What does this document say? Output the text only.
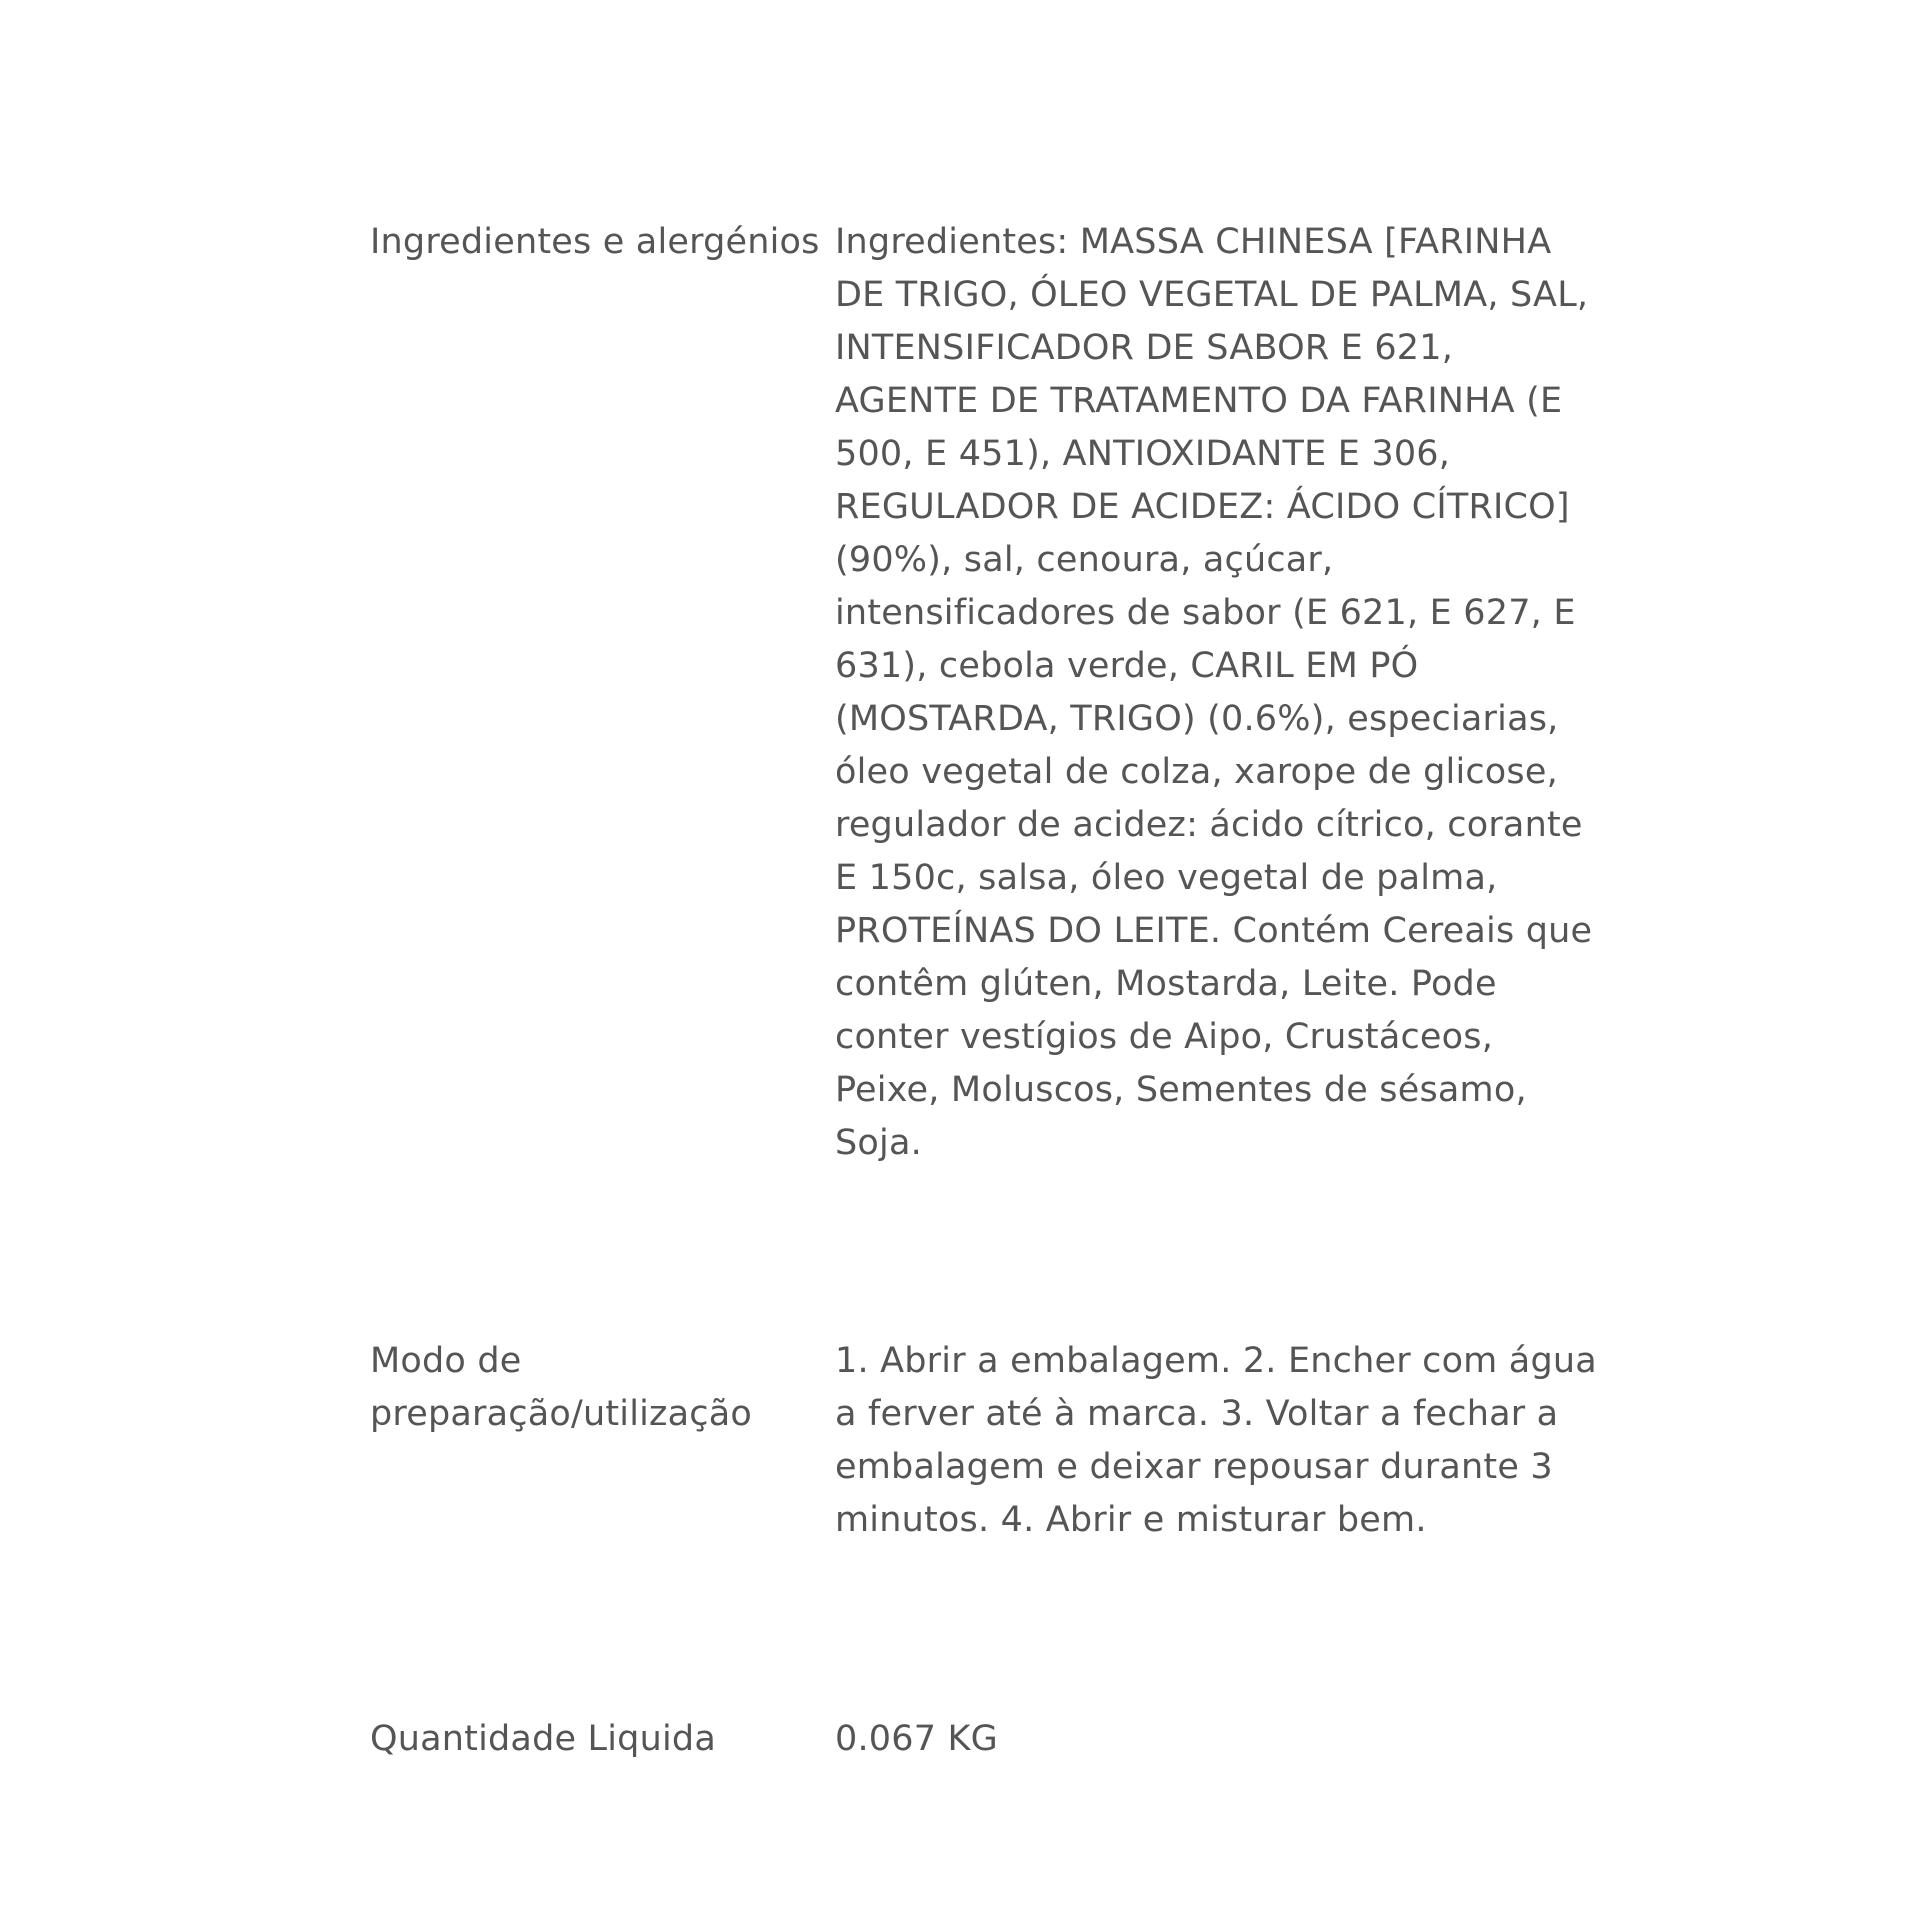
Ingredientes e alergénios Ingredientes: MASSA CHINESA [FARINHA DE TRIGO, ÓLEO VEGETAL DE PALMA, SAL, INTENSIFICADOR DE SABOR E 621, AGENTE DE TRATAMENTO DA FARINHA (E 500, E 451), ANTIOXIDANTE E 306, REGULADOR DE ACIDEZ: ÁCIDO CÍTRICO] (90%), sal, cenoura, açúcar, intensificadores de sabor (E 621, E 627, E 631), cebola verde, CARIL EM PÓ (MOSTARDA, TRIGO) (0.6%), especiarias, óleo vegetal de colza, xarope de glicose, regulador de acidez: ácido cítrico, corante E 150c, salsa, óleo vegetal de palma, PROTEÍNAS DO LEITE. Contém Cereais que contêm glúten, Mostarda, Leite. Pode conter vestígios de Aipo, Crustáceos, Peixe, Moluscos, Sementes de sésamo, Soja.
Modo de preparação/utilização
1. Abrir a embalagem. 2. Encher com água a ferver até à marca. 3. Voltar a fechar a embalagem e deixar repousar durante 3 minutos. 4. Abrir e misturar bem.
Quantidade Liquida	0.067 KG
